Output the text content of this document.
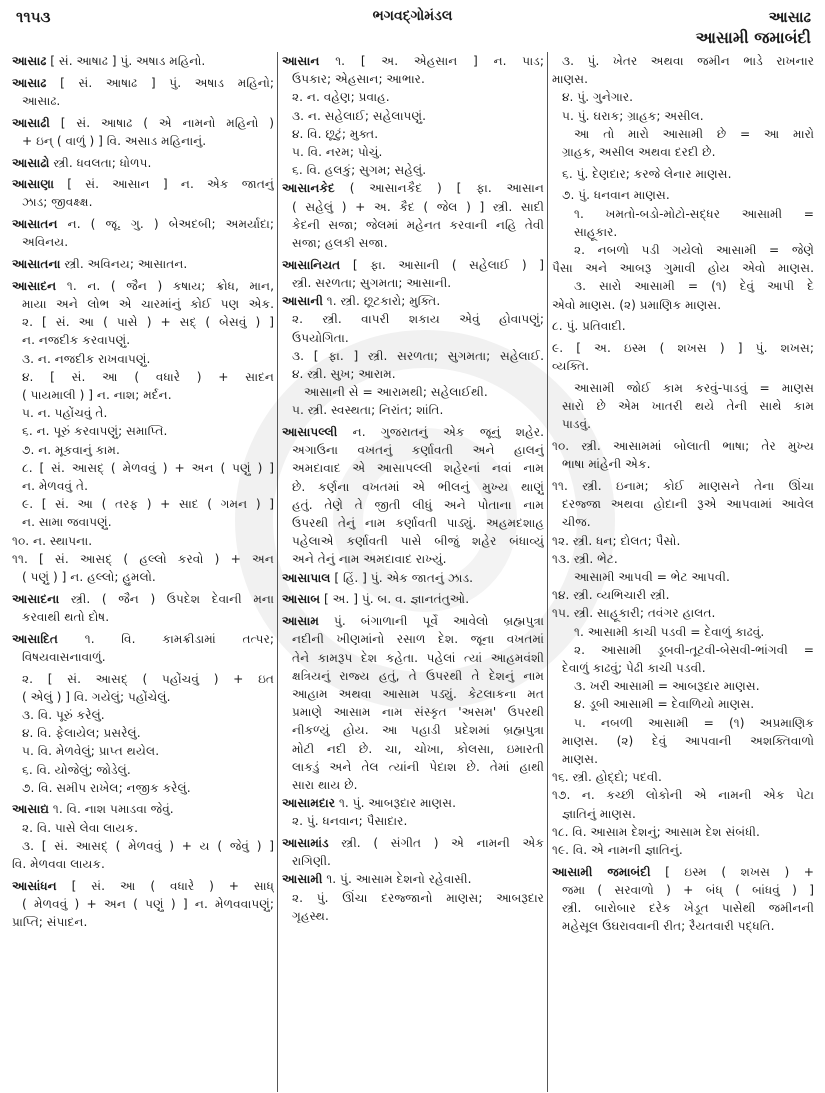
૧૧૫૩	ભગવદ્ગોમંડલ	આસાઢ
આસામી જમાબંદી
આસાઢ [ સં. આષાઢ ] પું. અષાડ મહિનો.
આસાઢ [ સં. આષાઢ ] પું. અષાડ મહિનો;
આસાઢ.
આસાઢી [ સં. આષાઢ ( એ નામનો મહિનો )
+ ઇન્ ( વાળું ) ] વિ. અસાડ મહિનાનું.
આસાઢો સ્ત્રી. ધવલતા; ધોળપ.
આસાણા [ સં. આસાન ] ન. એક જાતનું
ઝાડ; જીવક્ષ્ક્ષ.
આસાતન ન. ( જૂ. ગુ. ) બેઅદબી; અમર્યાદા;
અવિનય.
આસાતના સ્ત્રી. અવિનય; આસાતન.
આસાદન ૧. ન. ( જૈન ) કષાય; ક્રોધ, માન,
માયા અને લોભ એ ચારમાંનું કોઈ પણ એક.
૨. [ સં. આ ( પાસે ) + સદ્ ( બેસવું ) ]
ન. નજદીક કરવાપણું.
૩. ન. નજદીક રાખવાપણું.
૪. [ સં. આ ( વધારે ) + સાદન
( પાયમાલી ) ] ન. નાશ; મર્દન.
૫. ન. પહોંચવું તે.
૬. ન. પૂરું કરવાપણું; સમાપ્તિ.
૭. ન. મૂકવાનું કામ.
૮. [ સં. આસદ્ ( મેળવવું ) + અન ( પણું ) ]
ન. મેળવવું તે.
૯. [ સં. આ ( તરફ ) + સાદ ( ગમન ) ]
ન. સામા જવાપણું.
૧૦. ન. સ્થાપના.
૧૧. [ સં. આસદ્ ( હલ્લો કરવો ) + અન
( પણું ) ] ન. હલ્લો; હુમલો.
આસાદના સ્ત્રી. ( જૈન ) ઉપદેશ દેવાની મના
કરવાથી થતો દોષ.
આસાદિત ૧. વિ. કામક્રીડામાં તત્પર;
વિષયવાસનાવાળું.
૨. [ સં. આસદ્ ( પહોંચવું ) + ઇત
( એલું ) ] વિ. ગયેલું; પહોંચેલું.
૩. વિ. પૂરું કરેલું.
૪. વિ. ફેલાયેલ; પ્રસરેલું.
૫. વિ. મેળવેલું; પ્રાપ્ત થયેલ.
૬. વિ. યોજેલું; જોડેલું.
૭. વિ. સમીપ રાખેલ; નજીક કરેલું.
આસાદ્ય ૧. વિ. નાશ પમાડવા જેવું.
૨. વિ. પાસે લેવા લાયક.
૩. [ સં. આસદ્ ( મેળવવું ) + ય ( જેવું ) ]
વિ. મેળવવા લાયક.
આસાંધન [ સં. આ ( વધારે ) + સાધ્
( મેળવવું ) + અન ( પણું ) ] ન. મેળવવાપણું;
પ્રાપ્તિ; સંપાદન.
આસાન ૧. [ અ. એહસાન ] ન. પાડ;
ઉપકાર; એહસાન; આભાર.
૨. ન. વહેણ; પ્રવાહ.
૩. ન. સહેલાઈ; સહેલાપણું.
૪. વિ. છૂટું; મુક્ત.
૫. વિ. નરમ; પોચું.
૬. વિ. હલકું; સુગમ; સહેલું.
આસાનકેદ ( આસાનકૈદ ) [ ફા. આસાન
( સહેલું ) + અ. કૈદ ( જેલ ) ] સ્ત્રી. સાદી
કેદની સજા; જેલમાં મહેનત કરવાની નહિ તેવી
સજા; હલકી સજા.
આસાનિયત [ ફા. આસાની ( સહેલાઈ ) ]
સ્ત્રી. સરળતા; સુગમતા; આસાની.
આસાની ૧. સ્ત્રી. છૂટકારો; મુક્તિ.
૨. સ્ત્રી. વાપરી શકાય એવું હોવાપણું;
ઉપયોગિતા.
૩. [ ફા. ] સ્ત્રી. સરળતા; સુગમતા; સહેલાઈ.
૪. સ્ત્રી. સુખ; આરામ.
આસાની સે = આરામથી; સહેલાઈથી.
૫. સ્ત્રી. સ્વસ્થતા; નિરાંત; શાંતિ.
આસાપલ્લી ન. ગુજરાતનું એક જૂનું શહેર.
અગાઉના વખતનું કર્ણાવતી અને હાલનું
અમદાવાદ એ આસાપલ્લી શહેરનાં નવાં નામ
છે. કર્ણના વખતમાં એ ભીલનું મુખ્ય થાણું
હતું. તેણે તે જીતી લીધું અને પોતાના નામ
ઉપરથી તેનું નામ કર્ણાવતી પાડ્યું. અહમદશાહ
પહેલાએ કર્ણાવતી પાસે બીજું શહેર બંધાવ્યું
અને તેનું નામ અમદાવાદ રાખ્યું.
આસાપાલ [ હિં. ] પું. એક જાતનું ઝાડ.
આસાબ [ અ. ] પું. બ. વ. જ્ઞાનતંતુઓ.
આસામ પું. બંગાળાની પૂર્વે આવેલો બ્રહ્મપુત્રા
નદીની ખીણમાંનો રસાળ દેશ. જૂના વખતમાં
તેને કામરૂપ દેશ કહેતા. પહેલાં ત્યાં આહમવંશી
ક્ષત્રિયનું રાજ્ય હતું, તે ઉપરથી તે દેશનું નામ
આહામ અથવા આસામ પડ્યું. કેટલાકના મત
પ્રમાણે આસામ નામ સંસ્કૃત 'અસમ' ઉપરથી
નીકળ્યું હોય. આ પહાડી પ્રદેશમાં બ્રહ્મપુત્રા
મોટી નદી છે. ચા, ચોખા, કોલસા, ઇમારતી
લાકડું અને તેલ ત્યાંની પેદાશ છે. તેમાં હાથી
સારા થાય છે.
આસામદાર ૧. પું. આબરૂદાર માણસ.
૨. પું. ધનવાન; પૈસાદાર.
આસામાંડ સ્ત્રી. ( સંગીત ) એ નામની એક
રાગિણી.
આસામી ૧. પું. આસામ દેશનો રહેવાસી.
૨. પું. ઊંચા દરજ્જાનો માણસ; આબરૂદાર
ગૃહસ્થ.
૩. પું. ખેતર અથવા જમીન ભાડે રાખનાર
માણસ.
૪. પું. ગુનેગાર.
૫. પું. ઘરાક; ગ્રાહક; અસીલ.
આ તો મારો આસામી છે = આ મારો
ગ્રાહક, અસીલ અથવા દરદી છે.
૬. પું. દેણદાર; કરજે લેનાર માણસ.
૭. પું. ધનવાન માણસ.
૧. ખમતો-બડો-મોટો-સદ્ધર આસામી =
સાહૂકાર.
૨. નબળો પડી ગયેલો આસામી = જેણે
પૈસા અને આબરૂ ગુમાવી હોય એવો માણસ.
૩. સારો આસામી = (૧) દેવું આપી દે
એવો માણસ. (૨) પ્રમાણિક માણસ.
૮. પું. પ્રતિવાદી.
૯. [ અ. ઇસ્મ ( શખસ ) ] પું. શખસ;
વ્યક્તિ.
આસામી જોઈ કામ કરવું-પાડવું = માણસ
સારો છે એમ ખાતરી થયે તેની સાથે કામ
પાડવું.
૧૦. સ્ત્રી. આસામમાં બોલાતી ભાષા; તેર મુખ્ય
ભાષા માંહેની એક.
૧૧. સ્ત્રી. ઇનામ; કોઈ માણસને તેના ઊંચા
દરજ્જા અથવા હોદાની રૂએ આપવામાં આવેલ
ચીજ.
૧૨. સ્ત્રી. ધન; દોલત; પૈસો.
૧૩. સ્ત્રી. ભેટ.
આસામી આપવી = ભેટ આપવી.
૧૪. સ્ત્રી. વ્યભિચારી સ્ત્રી.
૧૫. સ્ત્રી. સાહૂકારી; તવંગર હાલત.
૧. આસામી કાચી પડવી = દેવાળું કાઢવું.
૨. આસામી ડૂબવી-તૂટવી-બેસવી-ભાંગવી =
દેવાળું કાઢવું; પેઢી કાચી પડવી.
૩. ખરી આસામી = આબરૂદાર માણસ.
૪. ડૂબી આસામી = દેવાળિયો માણસ.
૫. નબળી આસામી = (૧) અપ્રમાણિક
માણસ. (૨) દેવું આપવાની અશક્તિવાળો
માણસ.
૧૬. સ્ત્રી. હોદ્દો; પદવી.
૧૭. ન. કચ્છી લોકોની એ નામની એક પેટા
જ્ઞાતિનું માણસ.
૧૮. વિ. આસામ દેશનું; આસામ દેશ સંબંધી.
૧૯. વિ. એ નામની જ્ઞાતિનું.
આસામી જમાબંદી [ ઇસ્મ ( શખસ ) +
જમા ( સરવાળો ) + બંધ્ ( બાંધવું ) ]
સ્ત્રી. બારોબાર દરેક ખેડૂત પાસેથી જમીનની
મહેસૂલ ઉઘરાવવાની રીત; રૈયતવારી પદ્ધતિ.
